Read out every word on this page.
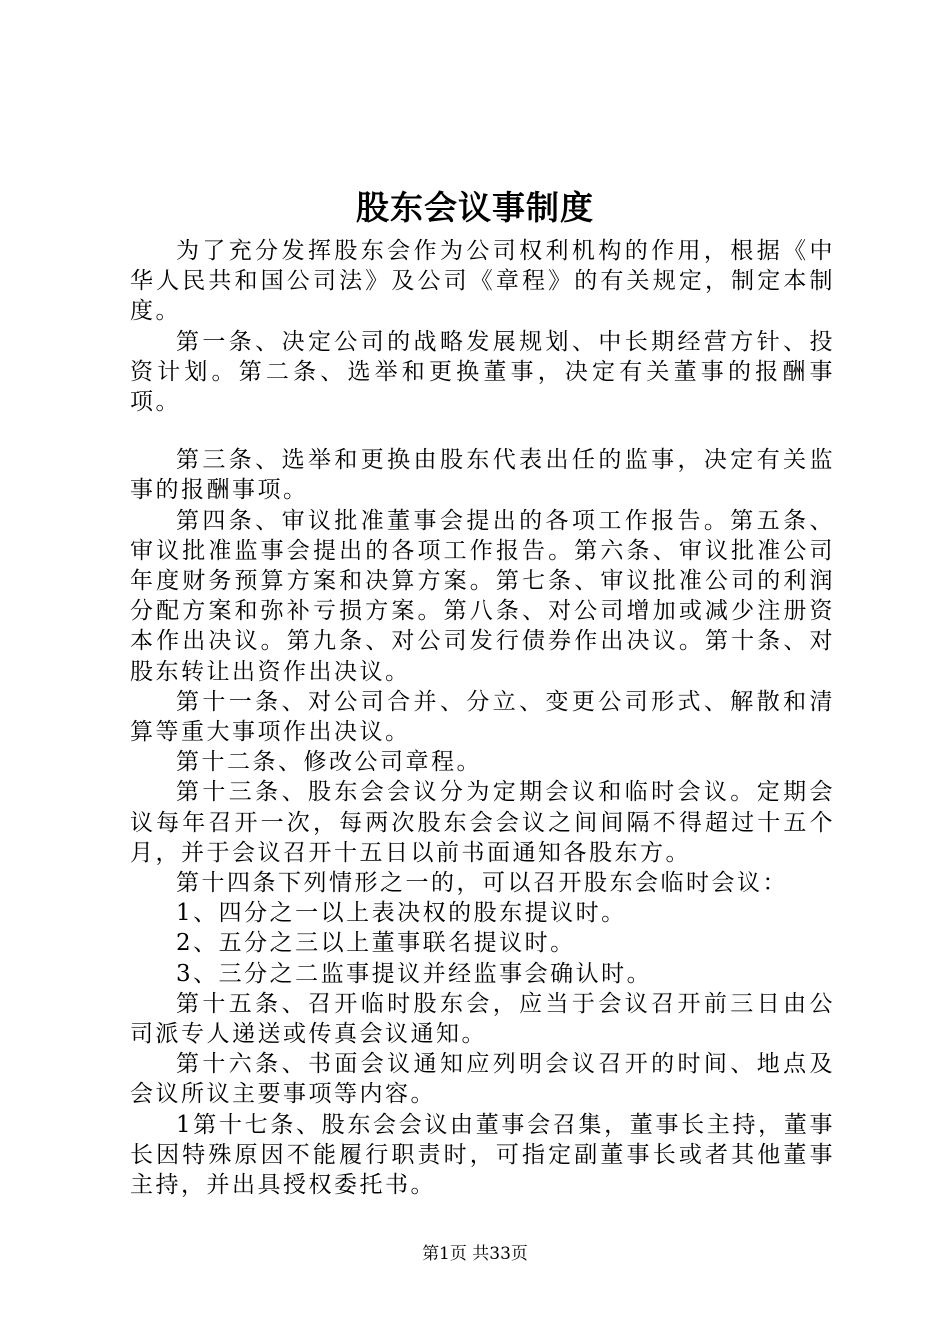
股东会议事制度

为了充分发挥股东会作为公司权利机构的作用，根据《中华人民共和国公司法》及公司《章程》的有关规定，制定本制度。

第一条、决定公司的战略发展规划、中长期经营方针、投资计划。第二条、选举和更换董事，决定有关董事的报酬事项。

第三条、选举和更换由股东代表出任的监事，决定有关监事的报酬事项。

第四条、审议批准董事会提出的各项工作报告。第五条、审议批准监事会提出的各项工作报告。第六条、审议批准公司年度财务预算方案和决算方案。第七条、审议批准公司的利润分配方案和弥补亏损方案。第八条、对公司增加或减少注册资本作出决议。第九条、对公司发行债券作出决议。第十条、对股东转让出资作出决议。

第十一条、对公司合并、分立、变更公司形式、解散和清算等重大事项作出决议。

第十二条、修改公司章程。

第十三条、股东会会议分为定期会议和临时会议。定期会议每年召开一次，每两次股东会会议之间间隔不得超过十五个月，并于会议召开十五日以前书面通知各股东方。

第十四条下列情形之一的，可以召开股东会临时会议：

1、四分之一以上表决权的股东提议时。

2、五分之三以上董事联名提议时。

3、三分之二监事提议并经监事会确认时。

第十五条、召开临时股东会，应当于会议召开前三日由公司派专人递送或传真会议通知。

第十六条、书面会议通知应列明会议召开的时间、地点及会议所议主要事项等内容。

1第十七条、股东会会议由董事会召集，董事长主持，董事长因特殊原因不能履行职责时，可指定副董事长或者其他董事主持，并出具授权委托书。

第1页 共33页
